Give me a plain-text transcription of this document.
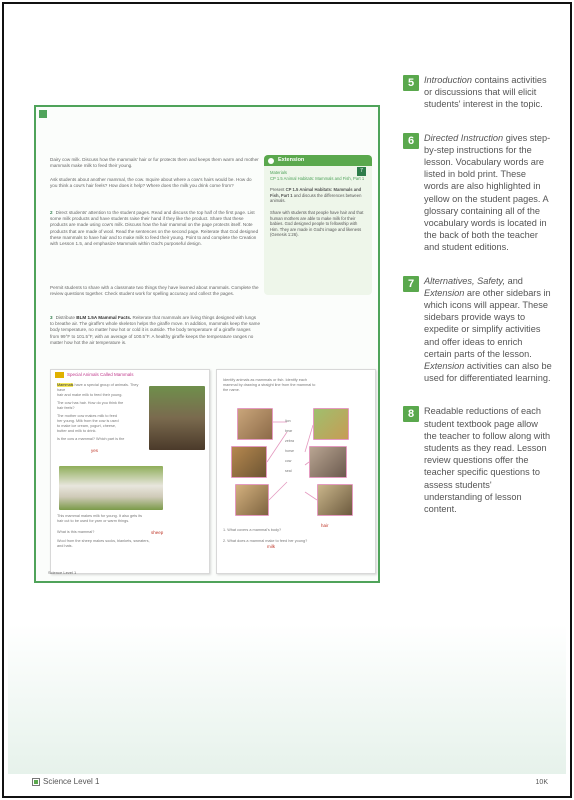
Dairy cow milk. Discuss how the mammals' hair or fur protects them and keeps them warm and mother mammals make milk to feed their young.
Ask students about another mammal, the cow. Inquire about where a cow's hairs would be. How do you think a cow's hair feels? How does it help? Where does the milk you drink come from?
2 Direct students' attention to the student pages. Read and discuss the top half of the first page. List some milk products and have students raise their hand if they like the product. Share that these products are made using cow's milk. Discuss how the hair mammal on the page protects itself. Note products that are made of wool. Read the sentences on the second page. Reiterate that God designed these mammals to have hair and to make milk to feed their young. Point to and complete the Creation with Lesson 1.5, and emphasize Mammals within God's purposeful design.
Permit students to share with a classmate two things they have learned about mammals. Complete the review questions together. Check student work for spelling accuracy and collect the pages.
3 Distribute BLM 1.5A Mammal Facts. Reiterate that mammals are living things designed with lungs to breathe air. The giraffe's whole skeleton helps the giraffe move. In addition, mammals keep the same body temperature, no matter how hot or cold it is outside. The body temperature of a giraffe ranges from 99°F to 101.5°F, with an average of 100.5°F. A healthy giraffe keeps the temperature ranges no matter how hot the air temperature is.
Extension
7
Materials
CP 1.5 Animal Habitats: Mammals and Fish, Part 1
Present CP 1.5 Animal Habitats: Mammals and Fish, Part 1 and discuss the differences between animals.
Share with students that people have hair and that human mothers are able to make milk for their babies. God designed people to fellowship with Him. They are made in God's image and likeness (Genesis 1:26).
Special Animals Called Mammals
Mammals have a special group of animals. They have
hair and make milk to feed their young.
The cow has hair. How do you think the
hair feels?
The mother cow makes milk to feed
her young. Milk from the cow is used
to make ice cream, yogurt, cheese,
butter and milk to drink.
Is the cow a mammal? Which part is the
yes
This mammal makes milk for young. It also gets its
hair cut to be used for yarn or warm things.
What is this mammal?
Wool from the sheep makes socks, blankets, sweaters,
and hats.
sheep
Identify animals as mammals or fish. Identify each
mammal by drawing a straight line from the mammal to
the name.
lion
bear
zebra
horse
cow
seal
1. What covers a mammal's body?
2. What does a mammal make to feed her young?
hair
milk
Science Level 1
5	Introduction contains activities or discussions that will elicit students' interest in the topic.
6	Directed Instruction gives step-by-step instructions for the lesson. Vocabulary words are listed in bold print. These words are also highlighted in yellow on the student pages. A glossary containing all of the vocabulary words is located in the back of both the teacher and student editions.
7	Alternatives, Safety, and Extension are other sidebars in which icons will appear. These sidebars provide ways to expedite or simplify activities and offer ideas to enrich certain parts of the lesson. Extension activities can also be used for differentiated learning.
8	Readable reductions of each student textbook page allow the teacher to follow along with students as they read. Lesson review questions offer the teacher specific questions to assess students' understanding of lesson content.
Science Level 1	10K
